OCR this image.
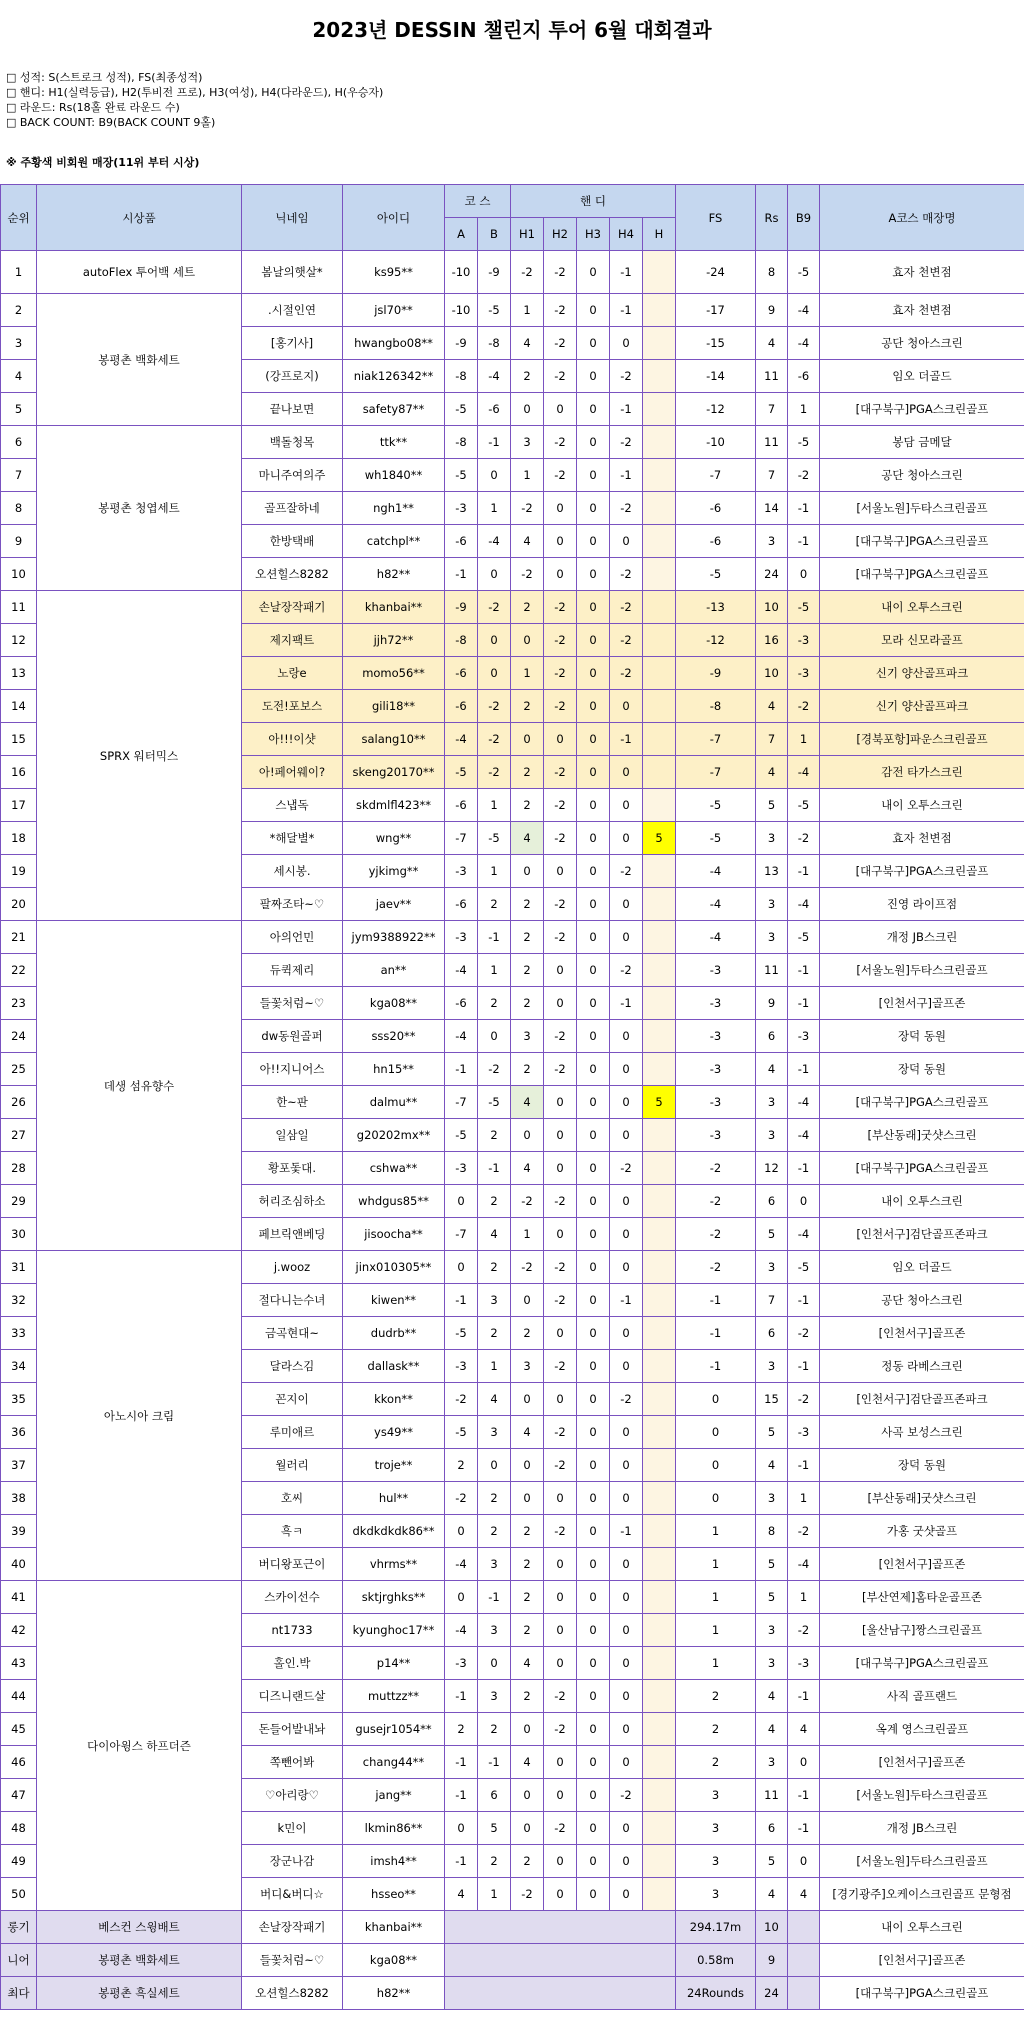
2023년 DESSIN 챌린지 투어 6월 대회결과
□ 성적: S(스트로크 성적), FS(최종성적)
□ 핸디: H1(실력등급), H2(투비전 프로), H3(여성), H4(다라운드), H(우승자)
□ 라운드: Rs(18홀 완료 라운드 수)
□ BACK COUNT: B9(BACK COUNT 9홀)
※ 주황색 비회원 매장(11위 부터 시상)
순위	시상품	닉네임	아이디	코 스		핸 디					FS	Rs	B9	A코스 매장명
				A	B	H1	H2	H3	H4	H				
1	autoFlex 투어백 세트	봄날의햇살*	ks95**	-10	-9	-2	-2	0	-1		-24	8	-5	효자 천변점
2	봉평촌 백화세트	.시절인연	jsl70**	-10	-5	1	-2	0	-1		-17	9	-4	효자 천변점
3		[홍기사]	hwangbo08**	-9	-8	4	-2	0	0		-15	4	-4	공단 청아스크린
4		(강프로지)	niak126342**	-8	-4	2	-2	0	-2		-14	11	-6	임오 더골드
5		끝나보면	safety87**	-5	-6	0	0	0	-1		-12	7	1	[대구북구]PGA스크린골프
6	봉평촌 청엽세트	백돌청목	ttk**	-8	-1	3	-2	0	-2		-10	11	-5	봉담 금메달
7		마니주여의주	wh1840**	-5	0	1	-2	0	-1		-7	7	-2	공단 청아스크린
8		골프잘하네	ngh1**	-3	1	-2	0	0	-2		-6	14	-1	[서울노원]두타스크린골프
9		한방택배	catchpl**	-6	-4	4	0	0	0		-6	3	-1	[대구북구]PGA스크린골프
10		오션힐스8282	h82**	-1	0	-2	0	0	-2		-5	24	0	[대구북구]PGA스크린골프
11	SPRX 워터믹스	손날장작패기	khanbai**	-9	-2	2	-2	0	-2		-13	10	-5	내이 오투스크린
12		제지팩트	jjh72**	-8	0	0	-2	0	-2		-12	16	-3	모라 신모라골프
13		노랑e	momo56**	-6	0	1	-2	0	-2		-9	10	-3	신기 양산골프파크
14		도전!포보스	gili18**	-6	-2	2	-2	0	0		-8	4	-2	신기 양산골프파크
15		아!!!이샷	salang10**	-4	-2	0	0	0	-1		-7	7	1	[경북포항]파운스크린골프
16		아!페어웨이?	skeng20170**	-5	-2	2	-2	0	0		-7	4	-4	감전 타가스크린
17		스냅독	skdmlfl423**	-6	1	2	-2	0	0		-5	5	-5	내이 오투스크린
18		*해달별*	wng**	-7	-5	4	-2	0	0	5	-5	3	-2	효자 천변점
19		세시봉.	yjkimg**	-3	1	0	0	0	-2		-4	13	-1	[대구북구]PGA스크린골프
20		팔짜조타~♡	jaev**	-6	2	2	-2	0	0		-4	3	-4	진영 라이프점
21	데생 섬유향수	아의언민	jym9388922**	-3	-1	2	-2	0	0		-4	3	-5	개정 JB스크린
22		듀퀵제리	an**	-4	1	2	0	0	-2		-3	11	-1	[서울노원]두타스크린골프
23		들꽃처럼~♡	kga08**	-6	2	2	0	0	-1		-3	9	-1	[인천서구]골프존
24		dw동원골퍼	sss20**	-4	0	3	-2	0	0		-3	6	-3	장덕 동원
25		아!!지니어스	hn15**	-1	-2	2	-2	0	0		-3	4	-1	장덕 동원
26		한~판	dalmu**	-7	-5	4	0	0	0	5	-3	3	-4	[대구북구]PGA스크린골프
27		일삼일	g20202mx**	-5	2	0	0	0	0		-3	3	-4	[부산동래]굿샷스크린
28		황포돛대.	cshwa**	-3	-1	4	0	0	-2		-2	12	-1	[대구북구]PGA스크린골프
29		허리조심하소	whdgus85**	0	2	-2	-2	0	0		-2	6	0	내이 오투스크린
30		페브릭앤베딩	jisoocha**	-7	4	1	0	0	0		-2	5	-4	[인천서구]검단골프존파크
31	아노시아 크림	j.wooz	jinx010305**	0	2	-2	-2	0	0		-2	3	-5	임오 더골드
32		절다니는수녀	kiwen**	-1	3	0	-2	0	-1		-1	7	-1	공단 청아스크린
33		금곡현대~	dudrb**	-5	2	2	0	0	0		-1	6	-2	[인천서구]골프존
34		달라스김	dallask**	-3	1	3	-2	0	0		-1	3	-1	정동 라베스크린
35		꼰지이	kkon**	-2	4	0	0	0	-2		0	15	-2	[인천서구]검단골프존파크
36		루미애르	ys49**	-5	3	4	-2	0	0		0	5	-3	사곡 보성스크린
37		월러리	troje**	2	0	0	-2	0	0		0	4	-1	장덕 동원
38		호씨	hul**	-2	2	0	0	0	0		0	3	1	[부산동래]굿샷스크린
39		흑ㅋ	dkdkdkdk86**	0	2	2	-2	0	-1		1	8	-2	가홍 굿샷골프
40		버디왕포근이	vhrms**	-4	3	2	0	0	0		1	5	-4	[인천서구]골프존
41	다이아윙스 하프더즌	스카이선수	sktjrghks**	0	-1	2	0	0	0		1	5	1	[부산연제]홈타운골프존
42		nt1733	kyunghoc17**	-4	3	2	0	0	0		1	3	-2	[울산남구]짱스크린골프
43		홀인.박	p14**	-3	0	4	0	0	0		1	3	-3	[대구북구]PGA스크린골프
44		디즈니랜드살	muttzz**	-1	3	2	-2	0	0		2	4	-1	사직 골프랜드
45		돈들어발내놔	gusejr1054**	2	2	0	-2	0	0		2	4	4	옥계 영스크린골프
46		쪽뺀어봐	chang44**	-1	-1	4	0	0	0		2	3	0	[인천서구]골프존
47		♡아리랑♡	jang**	-1	6	0	0	0	-2		3	11	-1	[서울노원]두타스크린골프
48		k민이	lkmin86**	0	5	0	-2	0	0		3	6	-1	개정 JB스크린
49		장군나감	imsh4**	-1	2	2	0	0	0		3	5	0	[서울노원]두타스크린골프
50		버디&버디☆	hsseo**	4	1	-2	0	0	0		3	4	4	[경기광주]오케이스크린골프 문형점
롱기	베스컨 스윙배트	손날장작패기	khanbai**								294.17m	10		내이 오투스크린
니어	봉평촌 백화세트	들꽃처럼~♡	kga08**								0.58m	9		[인천서구]골프존
최다	봉평촌 흑실세트	오션힐스8282	h82**								24Rounds	24		[대구북구]PGA스크린골프
